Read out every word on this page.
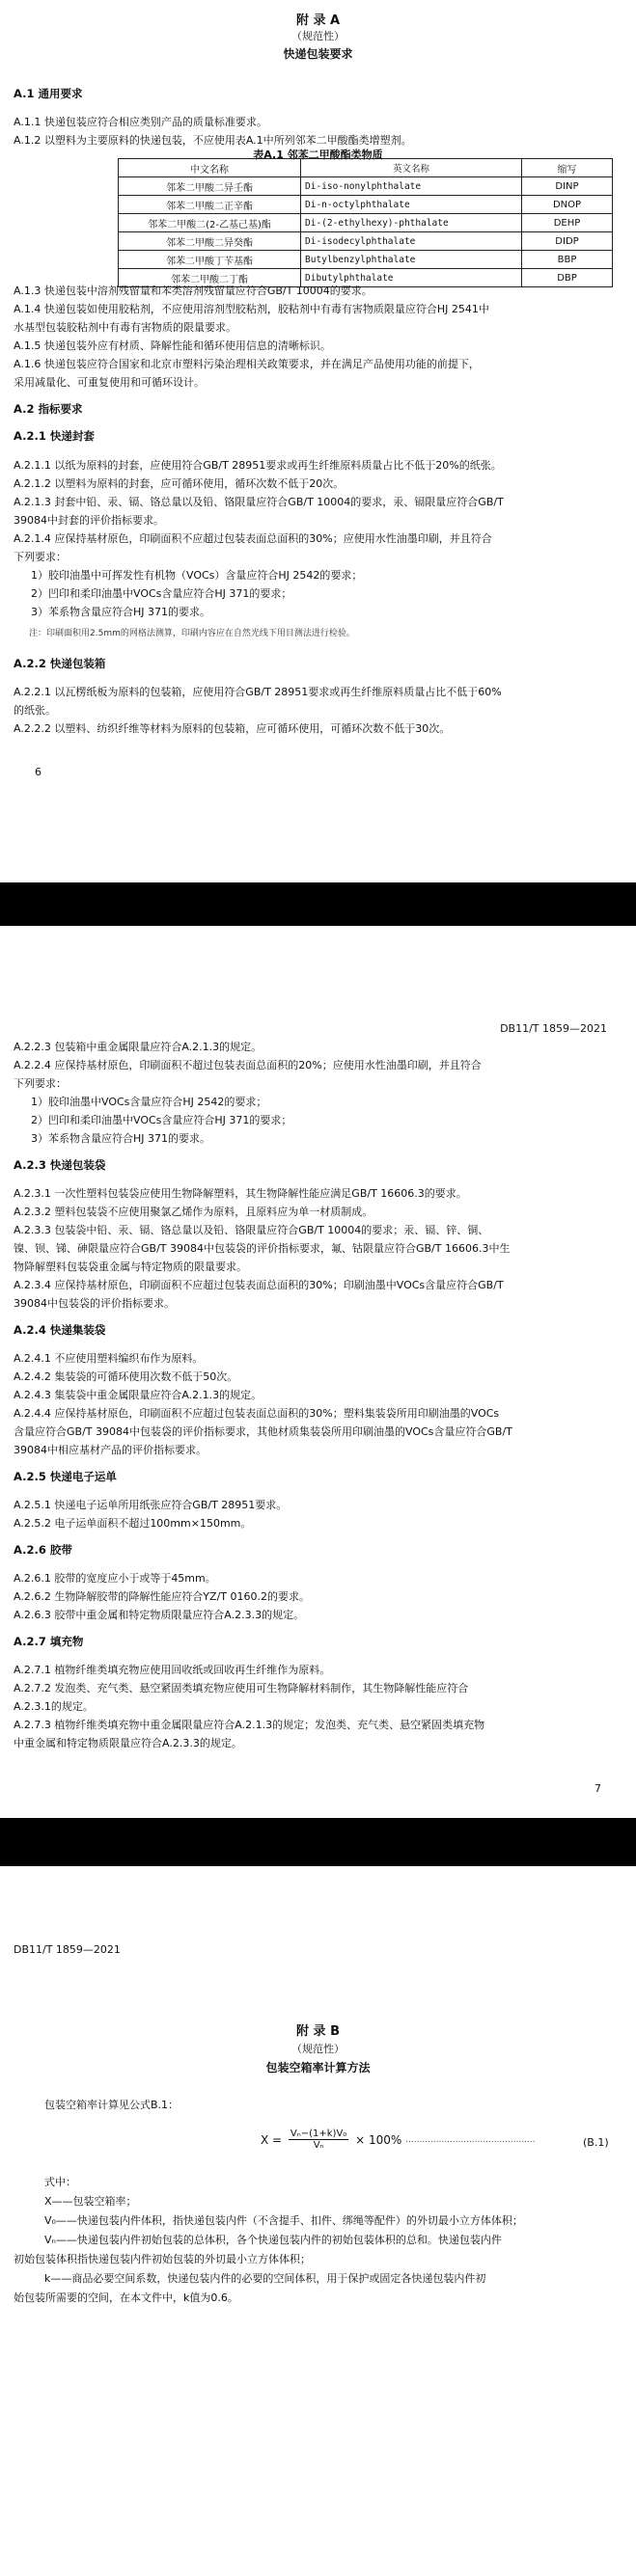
附 录 A
（规范性）
快递包装要求
A.1 通用要求
A.1.1 快递包装应符合相应类别产品的质量标准要求。
A.1.2 以塑料为主要原料的快递包装，不应使用表A.1中所列邻苯二甲酸酯类增塑剂。
表A.1 邻苯二甲酸酯类物质
中文名称	英文名称	缩写
邻苯二甲酸二异壬酯	Di-iso-nonylphthalate	DINP
邻苯二甲酸二正辛酯	Di-n-octylphthalate	DNOP
邻苯二甲酸二(2-乙基己基)酯	Di-(2-ethylhexy)-phthalate	DEHP
邻苯二甲酸二异癸酯	Di-isodecylphthalate	DIDP
邻苯二甲酸丁苄基酯	Butylbenzylphthalate	BBP
邻苯二甲酸二丁酯	Dibutylphthalate	DBP
A.1.3 快递包装中溶剂残留量和苯类溶剂残留量应符合GB/T 10004的要求。
A.1.4 快递包装如使用胶粘剂，不应使用溶剂型胶粘剂，胶粘剂中有毒有害物质限量应符合HJ 2541中
水基型包装胶粘剂中有毒有害物质的限量要求。
A.1.5 快递包装外应有材质、降解性能和循环使用信息的清晰标识。
A.1.6 快递包装应符合国家和北京市塑料污染治理相关政策要求，并在满足产品使用功能的前提下，
采用减量化、可重复使用和可循环设计。
A.2 指标要求
A.2.1 快递封套
A.2.1.1 以纸为原料的封套，应使用符合GB/T 28951要求或再生纤维原料质量占比不低于20%的纸张。
A.2.1.2 以塑料为原料的封套，应可循环使用，循环次数不低于20次。
A.2.1.3 封套中铅、汞、镉、铬总量以及铅、铬限量应符合GB/T 10004的要求，汞、镉限量应符合GB/T
39084中封套的评价指标要求。
A.2.1.4 应保持基材原色，印刷面积不应超过包装表面总面积的30%；应使用水性油墨印刷，并且符合
下列要求：
1）胶印油墨中可挥发性有机物（VOCs）含量应符合HJ 2542的要求；
2）凹印和柔印油墨中VOCs含量应符合HJ 371的要求；
3）苯系物含量应符合HJ 371的要求。
注：印刷面积用2.5mm的网格法测算，印刷内容应在自然光线下用目测法进行检验。
A.2.2 快递包装箱
A.2.2.1 以瓦楞纸板为原料的包装箱，应使用符合GB/T 28951要求或再生纤维原料质量占比不低于60%
的纸张。
A.2.2.2 以塑料、纺织纤维等材料为原料的包装箱，应可循环使用，可循环次数不低于30次。
6
DB11/T 1859—2021
A.2.2.3 包装箱中重金属限量应符合A.2.1.3的规定。
A.2.2.4 应保持基材原色，印刷面积不超过包装表面总面积的20%；应使用水性油墨印刷，并且符合
下列要求：
1）胶印油墨中VOCs含量应符合HJ 2542的要求；
2）凹印和柔印油墨中VOCs含量应符合HJ 371的要求；
3）苯系物含量应符合HJ 371的要求。
A.2.3 快递包装袋
A.2.3.1 一次性塑料包装袋应使用生物降解塑料，其生物降解性能应满足GB/T 16606.3的要求。
A.2.3.2 塑料包装袋不应使用聚氯乙烯作为原料，且原料应为单一材质制成。
A.2.3.3 包装袋中铅、汞、镉、铬总量以及铅、铬限量应符合GB/T 10004的要求；汞、镉、锌、铜、
镍、钡、锑、砷限量应符合GB/T 39084中包装袋的评价指标要求，氟、钴限量应符合GB/T 16606.3中生
物降解塑料包装袋重金属与特定物质的限量要求。
A.2.3.4 应保持基材原色，印刷面积不应超过包装表面总面积的30%；印刷油墨中VOCs含量应符合GB/T
39084中包装袋的评价指标要求。
A.2.4 快递集装袋
A.2.4.1 不应使用塑料编织布作为原料。
A.2.4.2 集装袋的可循环使用次数不低于50次。
A.2.4.3 集装袋中重金属限量应符合A.2.1.3的规定。
A.2.4.4 应保持基材原色，印刷面积不应超过包装表面总面积的30%；塑料集装袋所用印刷油墨的VOCs
含量应符合GB/T 39084中包装袋的评价指标要求，其他材质集装袋所用印刷油墨的VOCs含量应符合GB/T
39084中相应基材产品的评价指标要求。
A.2.5 快递电子运单
A.2.5.1 快递电子运单所用纸张应符合GB/T 28951要求。
A.2.5.2 电子运单面积不超过100mm×150mm。
A.2.6 胶带
A.2.6.1 胶带的宽度应小于或等于45mm。
A.2.6.2 生物降解胶带的降解性能应符合YZ/T 0160.2的要求。
A.2.6.3 胶带中重金属和特定物质限量应符合A.2.3.3的规定。
A.2.7 填充物
A.2.7.1 植物纤维类填充物应使用回收纸或回收再生纤维作为原料。
A.2.7.2 发泡类、充气类、悬空紧固类填充物应使用可生物降解材料制作，其生物降解性能应符合
A.2.3.1的规定。
A.2.7.3 植物纤维类填充物中重金属限量应符合A.2.1.3的规定；发泡类、充气类、悬空紧固类填充物
中重金属和特定物质限量应符合A.2.3.3的规定。
7
DB11/T 1859—2021
附 录 B
（规范性）
包装空箱率计算方法
包装空箱率计算见公式B.1：
$X = \frac{\text{Vₙ−(1+k)V₀}}{\text{Vₙ}} \times 100\%$ ...............................................	(B.1)
式中：
X——包装空箱率；
V₀——快递包装内件体积，指快递包装内件（不含提手、扣件、绑绳等配件）的外切最小立方体体积；
Vₙ——快递包装内件初始包装的总体积，各个快递包装内件的初始包装体积的总和。快递包装内件
初始包装体积指快递包装内件初始包装的外切最小立方体体积；
k——商品必要空间系数，快递包装内件的必要的空间体积，用于保护或固定各快递包装内件初
始包装所需要的空间，在本文件中，k值为0.6。
